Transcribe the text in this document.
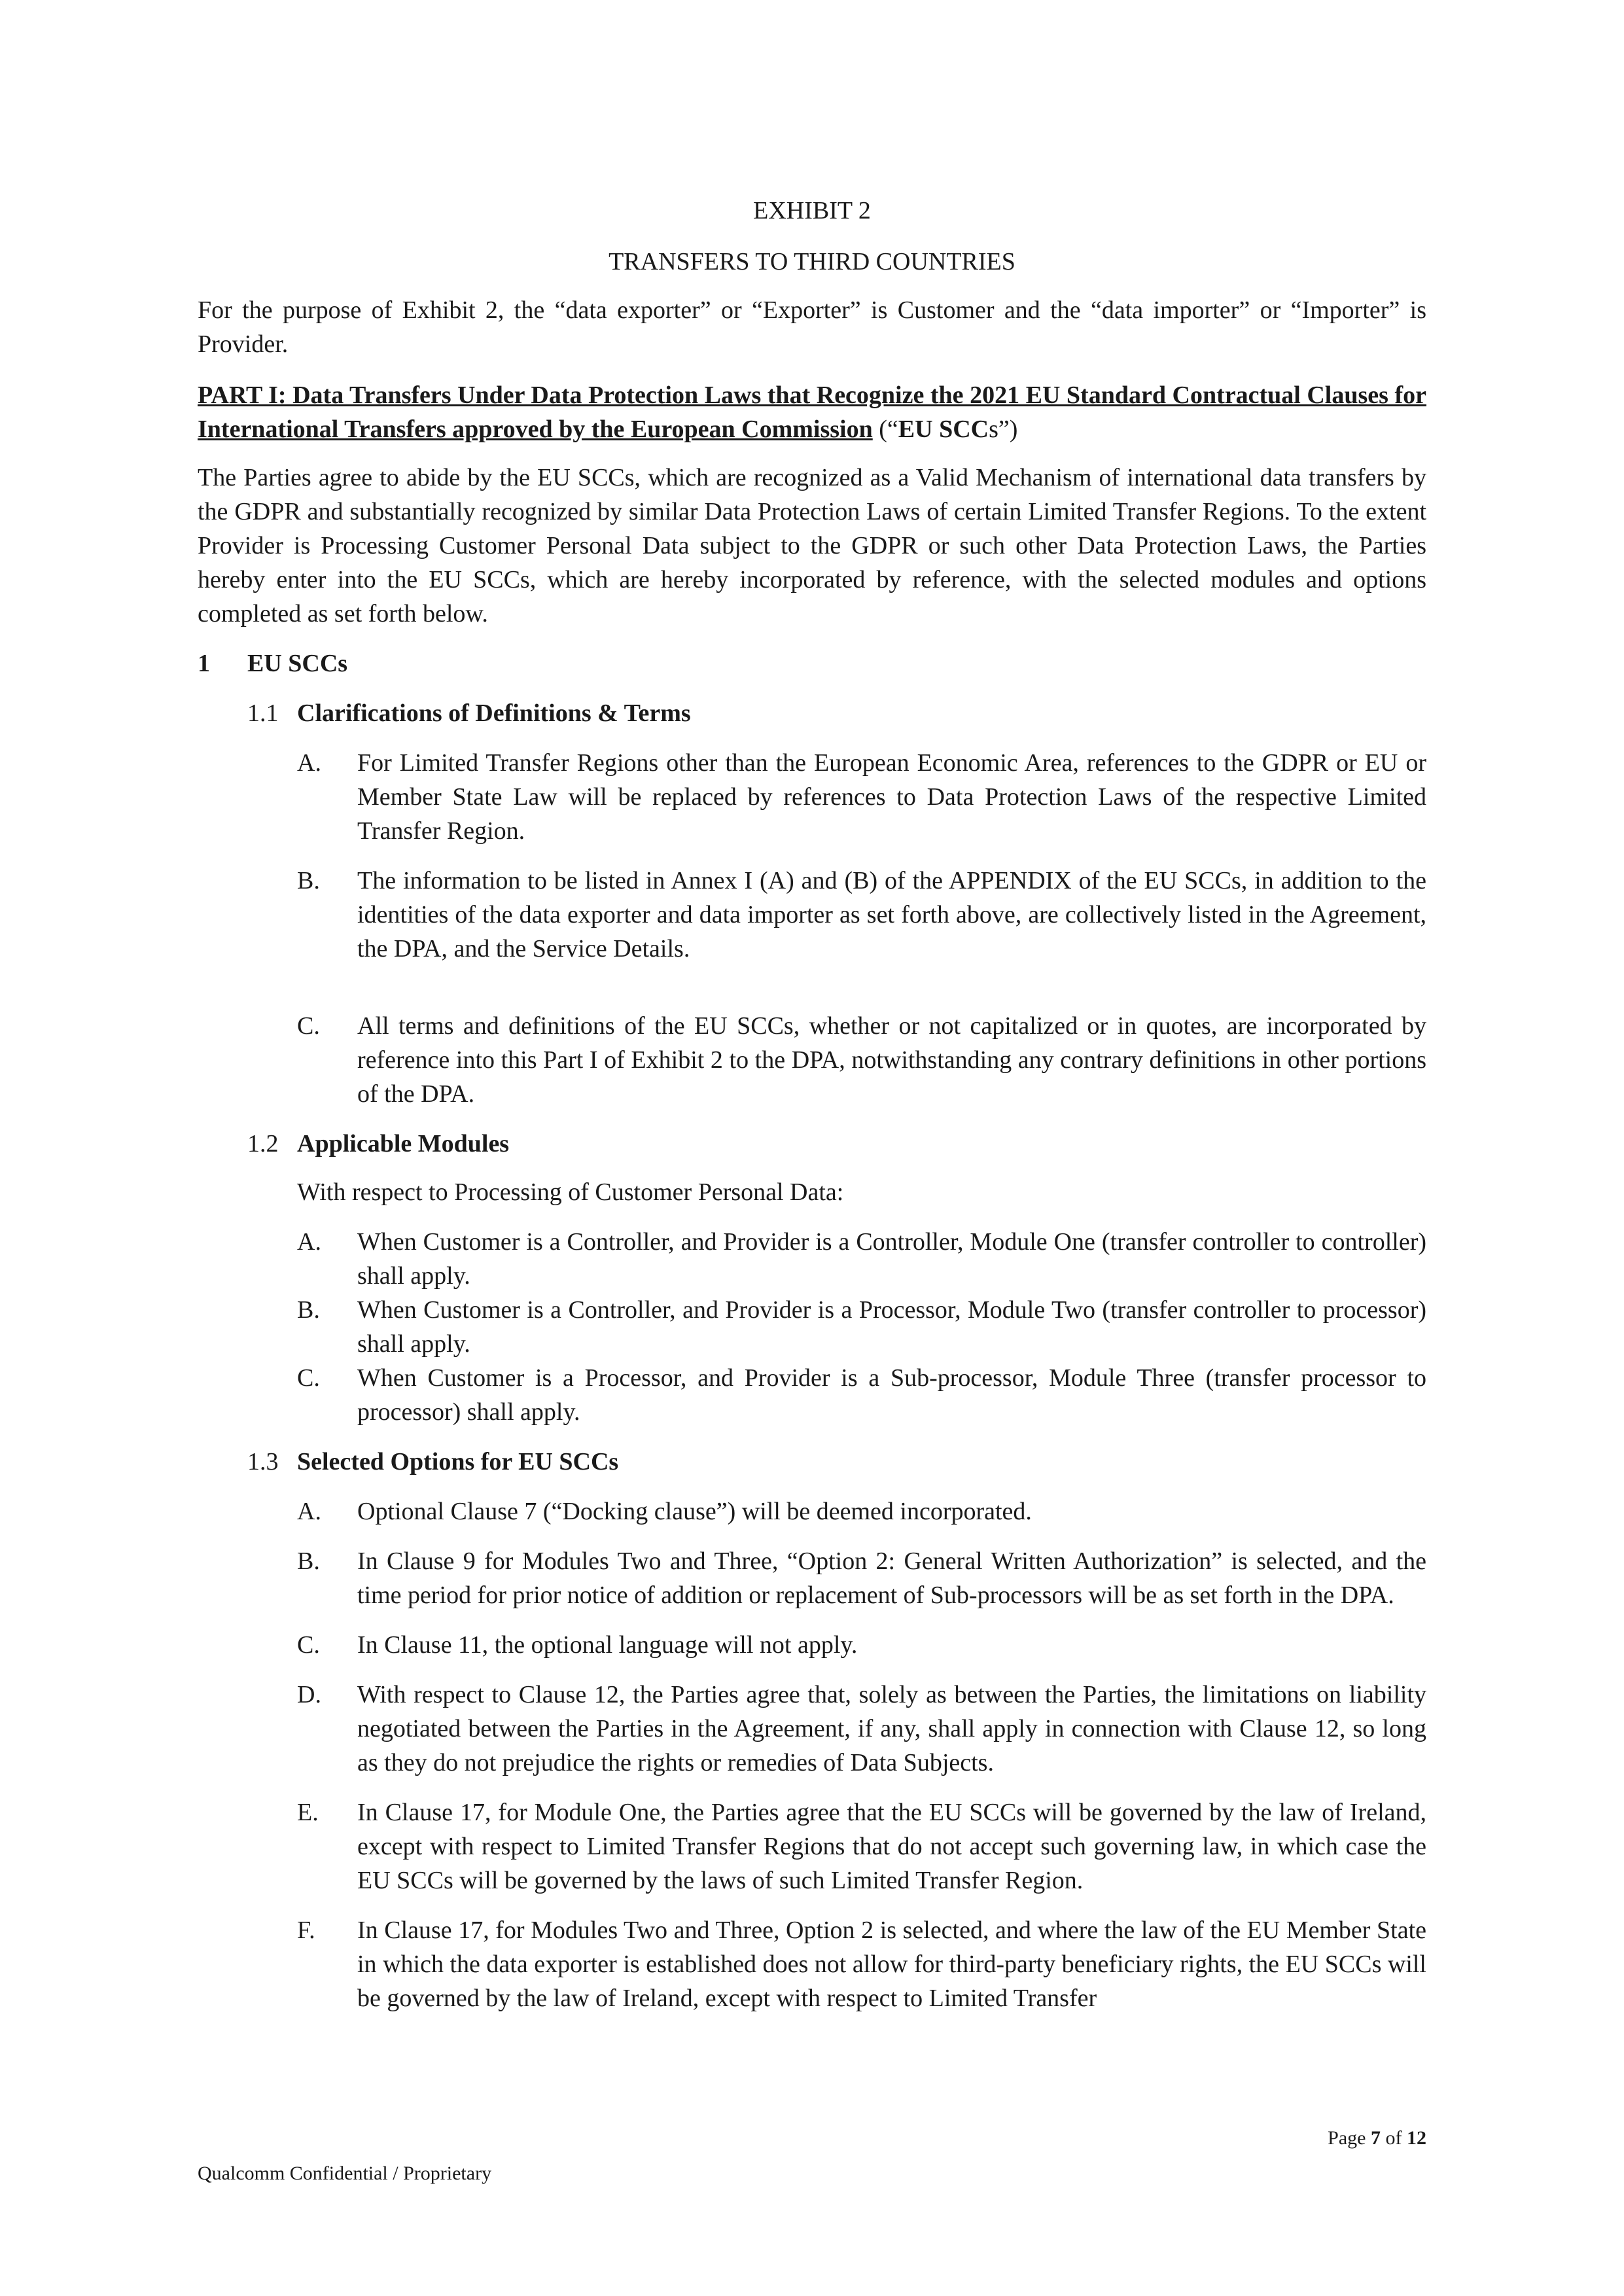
EXHIBIT 2

TRANSFERS TO THIRD COUNTRIES

For the purpose of Exhibit 2, the “data exporter” or “Exporter” is Customer and the “data importer” or “Importer” is Provider.

PART I: Data Transfers Under Data Protection Laws that Recognize the 2021 EU Standard Contractual Clauses for International Transfers approved by the European Commission (“EU SCCs”)

The Parties agree to abide by the EU SCCs, which are recognized as a Valid Mechanism of international data transfers by the GDPR and substantially recognized by similar Data Protection Laws of certain Limited Transfer Regions. To the extent Provider is Processing Customer Personal Data subject to the GDPR or such other Data Protection Laws, the Parties hereby enter into the EU SCCs, which are hereby incorporated by reference, with the selected modules and options completed as set forth below.

1	EU SCCs
1.1 Clarifications of Definitions & Terms
A.	For Limited Transfer Regions other than the European Economic Area, references to the GDPR or EU or Member State Law will be replaced by references to Data Protection Laws of the respective Limited Transfer Region.
B.	The information to be listed in Annex I (A) and (B) of the APPENDIX of the EU SCCs, in addition to the identities of the data exporter and data importer as set forth above, are collectively listed in the Agreement, the DPA, and the Service Details.
C.	All terms and definitions of the EU SCCs, whether or not capitalized or in quotes, are incorporated by reference into this Part I of Exhibit 2 to the DPA, notwithstanding any contrary definitions in other portions of the DPA.
1.2 Applicable Modules

With respect to Processing of Customer Personal Data:

A.	When Customer is a Controller, and Provider is a Controller, Module One (transfer controller to controller) shall apply.
B.	When Customer is a Controller, and Provider is a Processor, Module Two (transfer controller to processor) shall apply.
C.	When Customer is a Processor, and Provider is a Sub-processor, Module Three (transfer processor to processor) shall apply.
1.3 Selected Options for EU SCCs
A.	Optional Clause 7 (“Docking clause”) will be deemed incorporated.
B.	In Clause 9 for Modules Two and Three, “Option 2: General Written Authorization” is selected, and the time period for prior notice of addition or replacement of Sub-processors will be as set forth in the DPA.
C.	In Clause 11, the optional language will not apply.
D.	With respect to Clause 12, the Parties agree that, solely as between the Parties, the limitations on liability negotiated between the Parties in the Agreement, if any, shall apply in connection with Clause 12, so long as they do not prejudice the rights or remedies of Data Subjects.
E.	In Clause 17, for Module One, the Parties agree that the EU SCCs will be governed by the law of Ireland, except with respect to Limited Transfer Regions that do not accept such governing law, in which case the EU SCCs will be governed by the laws of such Limited Transfer Region.
F.	In Clause 17, for Modules Two and Three, Option 2 is selected, and where the law of the EU Member State in which the data exporter is established does not allow for third-party beneficiary rights, the EU SCCs will be governed by the law of Ireland, except with respect to Limited Transfer
Page 7 of 12
Qualcomm Confidential / Proprietary
